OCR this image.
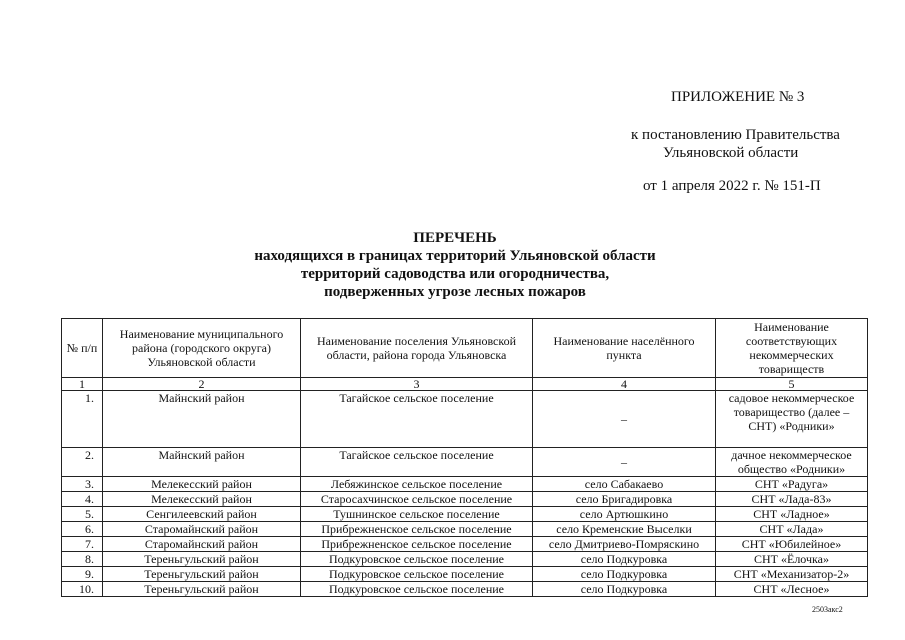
ПРИЛОЖЕНИЕ № 3
к постановлению Правительства
Ульяновской области
от 1 апреля 2022 г. № 151-П
ПЕРЕЧЕНЬ
находящихся в границах территорий Ульяновской области
территорий садоводства или огородничества,
подверженных угрозе лесных пожаров
№ п/п	Наименование муниципального района (городского округа) Ульяновской области	Наименование поселения Ульяновской области, района города Ульяновска	Наименование населённого пункта	Наименование соответствующих некоммерческих товариществ
1	2	3	4	5
1.	Майнский район	Тагайское сельское поселение	–	садовое некоммерческое товарищество (далее – СНТ) «Родники»
2.	Майнский район	Тагайское сельское поселение	–	дачное некоммерческое общество «Родники»
3.	Мелекесский район	Лебяжинское сельское поселение	село Сабакаево	СНТ «Радуга»
4.	Мелекесский район	Старосахчинское сельское поселение	село Бригадировка	СНТ «Лада-83»
5.	Сенгилеевский район	Тушнинское сельское поселение	село Артюшкино	СНТ «Ладное»
6.	Старомайнский район	Прибрежненское сельское поселение	село Кременские Выселки	СНТ «Лада»
7.	Старомайнский район	Прибрежненское сельское поселение	село Дмитриево-Помряскино	СНТ «Юбилейное»
8.	Тереньгульский район	Подкуровское сельское поселение	село Подкуровка	СНТ «Ёлочка»
9.	Тереньгульский район	Подкуровское сельское поселение	село Подкуровка	СНТ «Механизатор-2»
10.	Тереньгульский район	Подкуровское сельское поселение	село Подкуровка	СНТ «Лесное»
2503акс2
